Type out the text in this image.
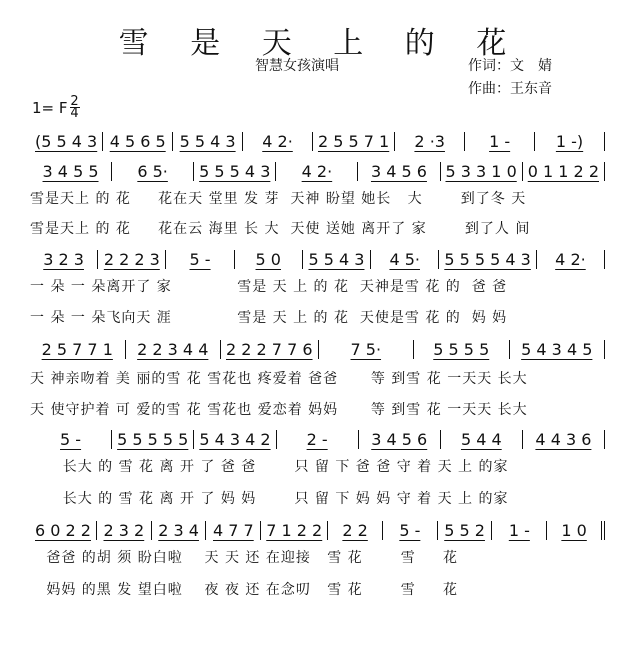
雪 是 天 上 的 花
智慧女孩演唱	作词：文　婧
作曲：王东音
1= F $\frac{2}{4}$
(5 5 4 3 4 5 6 5 5 5 4 3 4 2· 2 5 5 7 1 2 ·3	1 -	1 -)
3 4 5 5 6 5· 5 5 5 4 3 4 2· 3 4 5 6 5 3 3 1 0 0 1 1 2 2
雪是天上 的 花     花在天 堂里 发 芽  天神 盼望 她长   大       到了冬 天
雪是天上 的 花     花在云 海里 长 大  天使 送她 离开了 家       到了人 间
3 2 3 2 2 2 3 5 -	5 0 5 5 4 3 4 5· 5 5 5 5 4 3 4 2·
一 朵 一 朵离开了 家            雪是 天 上 的 花  天神是雪 花 的  爸 爸
一 朵 一 朵飞向天 涯            雪是 天 上 的 花  天使是雪 花 的  妈 妈
2 5 7 7 1 2 2 3 4 4 2 2 2 7 7 6 7 5·	5 5 5 5 5 4 3 4 5
天 神亲吻着 美 丽的雪 花 雪花也 疼爱着 爸爸      等 到雪 花 一天天 长大
天 使守护着 可 爱的雪 花 雪花也 爱恋着 妈妈      等 到雪 花 一天天 长大
5 - 5 5 5 5 5 5 4 3 4 2 2 -	3 4 5 6 5 4 4 4 4 3 6
长大 的 雪 花 离 开 了 爸 爸       只 留 下 爸 爸 守 着 天 上 的家
长大 的 雪 花 离 开 了 妈 妈       只 留 下 妈 妈 守 着 天 上 的家
6 0 2 2 2 3 2 2 3 4 4 7 7 7 1 2 2 2 2 5 - 5 5 2 1 - 1 0
爸爸 的胡 须 盼白啦    天 天 还 在迎接   雪 花       雪     花
妈妈 的黑 发 望白啦    夜 夜 还 在念叨   雪 花       雪     花
